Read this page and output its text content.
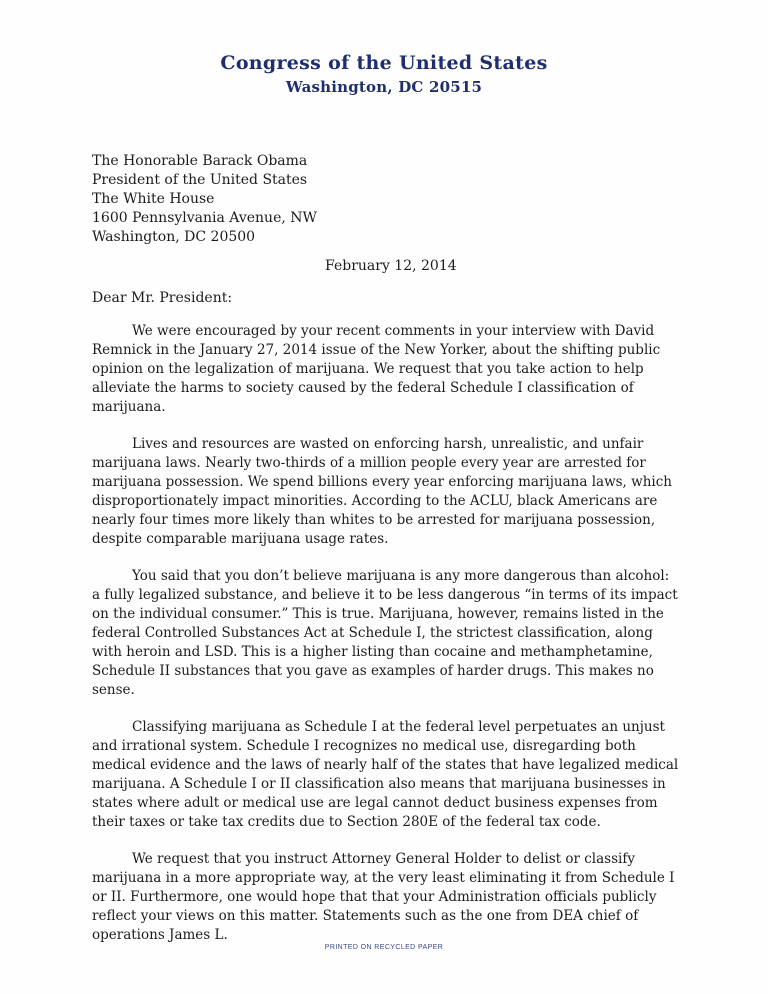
Congress of the United States
Washington, DC 20515
The Honorable Barack Obama
President of the United States
The White House
1600 Pennsylvania Avenue, NW
Washington, DC 20500
February 12, 2014
Dear Mr. President:

We were encouraged by your recent comments in your interview with David Remnick in the January 27, 2014 issue of the New Yorker, about the shifting public opinion on the legalization of marijuana. We request that you take action to help alleviate the harms to society caused by the federal Schedule I classification of marijuana.

Lives and resources are wasted on enforcing harsh, unrealistic, and unfair marijuana laws. Nearly two-thirds of a million people every year are arrested for marijuana possession. We spend billions every year enforcing marijuana laws, which disproportionately impact minorities. According to the ACLU, black Americans are nearly four times more likely than whites to be arrested for marijuana possession, despite comparable marijuana usage rates.

You said that you don’t believe marijuana is any more dangerous than alcohol: a fully legalized substance, and believe it to be less dangerous “in terms of its impact on the individual consumer.” This is true. Marijuana, however, remains listed in the federal Controlled Substances Act at Schedule I, the strictest classification, along with heroin and LSD. This is a higher listing than cocaine and methamphetamine, Schedule II substances that you gave as examples of harder drugs. This makes no sense.

Classifying marijuana as Schedule I at the federal level perpetuates an unjust and irrational system. Schedule I recognizes no medical use, disregarding both medical evidence and the laws of nearly half of the states that have legalized medical marijuana. A Schedule I or II classification also means that marijuana businesses in states where adult or medical use are legal cannot deduct business expenses from their taxes or take tax credits due to Section 280E of the federal tax code.

We request that you instruct Attorney General Holder to delist or classify marijuana in a more appropriate way, at the very least eliminating it from Schedule I or II. Furthermore, one would hope that that your Administration officials publicly reflect your views on this matter. Statements such as the one from DEA chief of operations James L.

PRINTED ON RECYCLED PAPER
